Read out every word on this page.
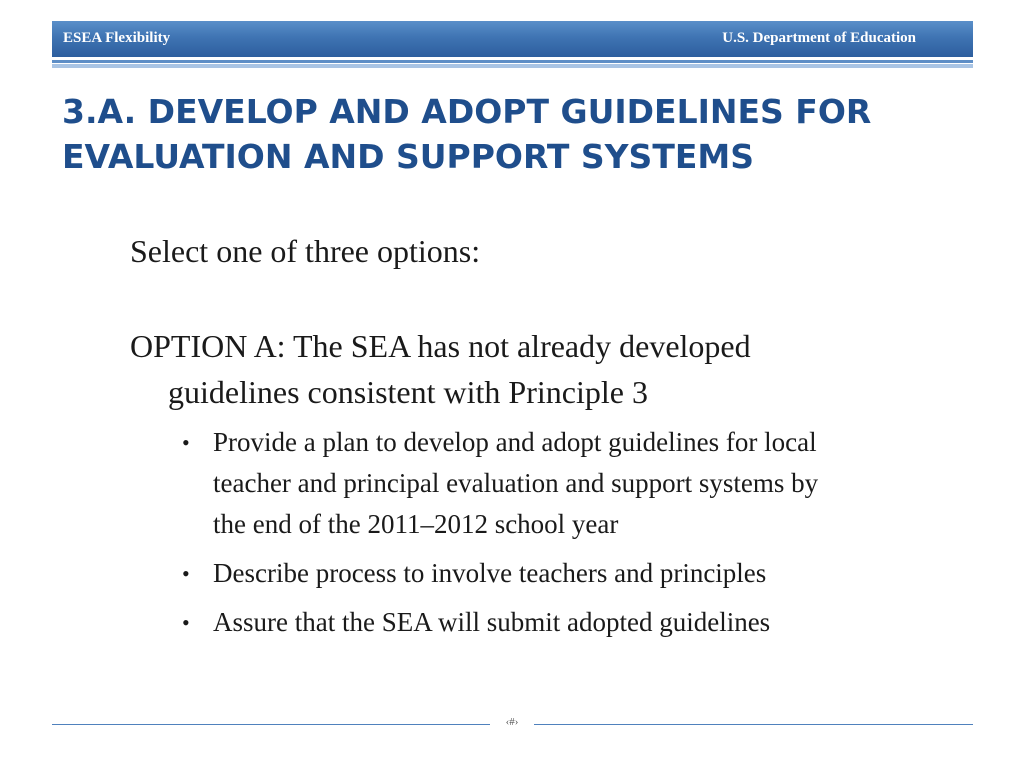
ESEA Flexibility	U.S. Department of Education
3.A. DEVELOP AND ADOPT GUIDELINES FOR
EVALUATION AND SUPPORT SYSTEMS
Select one of three options:
OPTION A: The SEA has not already developed
guidelines consistent with Principle 3
• Provide a plan to develop and adopt guidelines for local
teacher and principal evaluation and support systems by
the end of the 2011–2012 school year
• Describe process to involve teachers and principles
• Assure that the SEA will submit adopted guidelines
‹#›
